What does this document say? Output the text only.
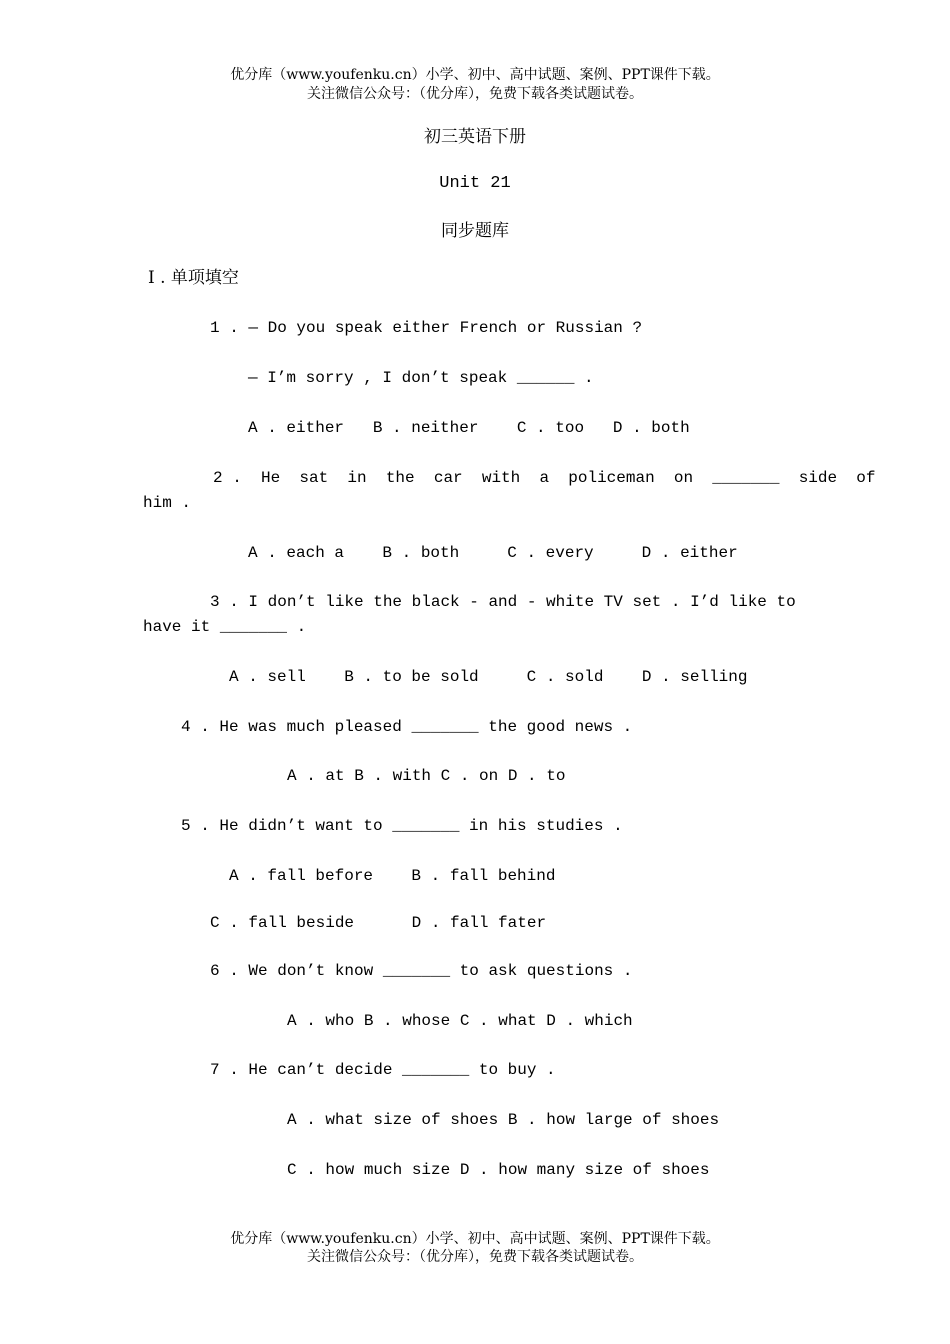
优分库（www.youfenku.cn）小学、初中、高中试题、案例、PPT课件下载。
关注微信公众号：（优分库），免费下载各类试题试卷。
初三英语下册
Unit 21
同步题库
Ⅰ . 单项填空
1 . — Do you speak either French or Russian ?
— I’m sorry , I don’t speak ______ .
A . either   B . neither    C . too   D . both
2 .  He  sat  in  the  car  with  a  policeman  on  _______  side  of
him .
A . each a    B . both     C . every     D . either
3 . I don’t like the black - and - white TV set . I’d like to
have it _______ .
A . sell    B . to be sold     C . sold    D . selling
4 . He was much pleased _______ the good news .
A . at B . with C . on D . to
5 . He didn’t want to _______ in his studies .
A . fall before    B . fall behind
C . fall beside      D . fall fater
6 . We don’t know _______ to ask questions .
A . who B . whose C . what D . which
7 . He can’t decide _______ to buy .
A . what size of shoes B . how large of shoes
C . how much size D . how many size of shoes
优分库（www.youfenku.cn）小学、初中、高中试题、案例、PPT课件下载。
关注微信公众号：（优分库），免费下载各类试题试卷。
